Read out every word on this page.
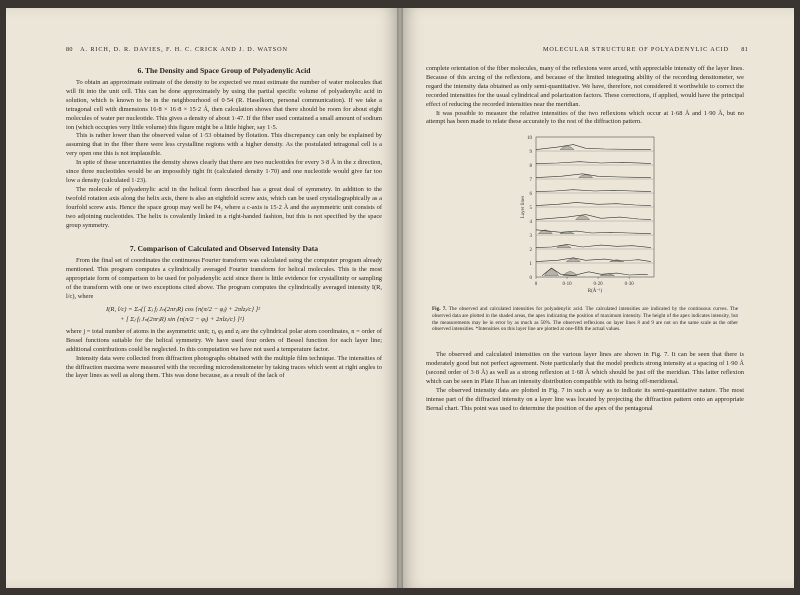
80 A. RICH, D. R. DAVIES, F. H. C. CRICK AND J. D. WATSON
6. The Density and Space Group of Polyadenylic Acid

To obtain an approximate estimate of the density to be expected we must estimate the number of water molecules that will fit into the unit cell. This can be done approximately by using the partial specific volume of polyadenylic acid in solution, which is known to be in the neighbourhood of 0·54 (R. Haselkorn, personal communication). If we take a tetragonal cell with dimensions 16·8 × 16·8 × 15·2 Å, then calculation shows that there should be room for about eight molecules of water per nucleotide. This gives a density of about 1·47. If the fiber used contained a small amount of sodium ion (which occupies very little volume) this figure might be a little higher, say 1·5.

This is rather lower than the observed value of 1·53 obtained by flotation. This discrepancy can only be explained by assuming that in the fiber there were less crystalline regions with a higher density. As the postulated tetragonal cell is a very open one this is not implausible.

In spite of these uncertainties the density shows clearly that there are two nucleotides for every 3·8 Å in the z direction, since three nucleotides would be an impossibly tight fit (calculated density 1·70) and one nucleotide would give far too low a density (calculated 1·23).

The molecule of polyadenylic acid in the helical form described has a great deal of symmetry. In addition to the twofold rotation axis along the helix axis, there is also an eightfold screw axis, which can be used crystallographically as a fourfold screw axis. Hence the space group may well be P4₂ where a c-axis is 15·2 Å and the asymmetric unit consists of two adjoining nucleotides. The helix is covalently linked in a right-handed fashion, but this is not specified by the space group symmetry.

7. Comparison of Calculated and Observed Intensity Data

From the final set of coordinates the continuous Fourier transform was calculated using the computer program already mentioned. This program computes a cylindrically averaged Fourier transform for helical molecules. This is the most appropriate form of comparison to be used for polyadenylic acid since there is little evidence for crystallinity or sampling of the transform with one or two exceptions cited above. The program computes the cylindrically averaged intensity I(R, l/c), where

I(R, l/c) = Σₙ{[ Σⱼ fⱼ Jₙ(2πrⱼR) cos {n(π/2 − φⱼ) + 2πlzⱼ/c} ]²
+ [ Σⱼ fⱼ Jₙ(2πrⱼR) sin {n(π/2 − φⱼ) + 2πlzⱼ/c} ]²}

where j = total number of atoms in the asymmetric unit; rⱼ, φⱼ and zⱼ are the cylindrical polar atom coordinates, n = order of Bessel functions suitable for the helical symmetry. We have used four orders of Bessel function for each layer line; additional contributions could be neglected. In this computation we have not used a temperature factor.

Intensity data were collected from diffraction photographs obtained with the multiple film technique. The intensities of the diffraction maxima were measured with the recording microdensitometer by taking traces which went at right angles to the layer lines as well as along them. This was done because, as a result of the lack of

MOLECULAR STRUCTURE OF POLYADENYLIC ACID 81

complete orientation of the fiber molecules, many of the reflexions were arced, with appreciable intensity off the layer lines. Because of this arcing of the reflexions, and because of the limited integrating ability of the recording densitometer, we regard the intensity data obtained as only semi-quantitative. We have, therefore, not considered it worthwhile to correct the recorded intensities for the usual cylindrical and polarization factors. These corrections, if applied, would have the principal effect of reducing the recorded intensities near the meridian.

It was possible to measure the relative intensities of the two reflexions which occur at 1·68 Å and 1·90 Å, but no attempt has been made to relate these accurately to the rest of the diffraction pattern.

0
1
2
3
4
5
6
7
8
9
10
0	0·10	0·20	0·30
R(Å⁻¹)
Layer lines
Fig. 7. The observed and calculated intensities for polyadenylic acid. The calculated intensities are indicated by the continuous curves. The observed data are plotted in the shaded areas, the apex indicating the position of maximum intensity. The height of the apex indicates intensity, but the measurements may be in error by as much as 50%. The observed reflexions on layer lines 8 and 9 are not on the same scale as the other observed intensities. *Intensities on this layer line are plotted at one-fifth the actual values.

The observed and calculated intensities on the various layer lines are shown in Fig. 7. It can be seen that there is moderately good but not perfect agreement. Note particularly that the model predicts strong intensity at a spacing of 1·90 Å (second order of 3·8 Å) as well as a strong reflexion at 1·68 Å which should be just off the meridian. This latter reflexion which can be seen in Plate II has an intensity distribution compatible with its being off-meridional.

The observed intensity data are plotted in Fig. 7 in such a way as to indicate its semi-quantitative nature. The most intense part of the diffracted intensity on a layer line was located by projecting the diffraction pattern onto an appropriate Bernal chart. This point was used to determine the position of the apex of the pentagonal
